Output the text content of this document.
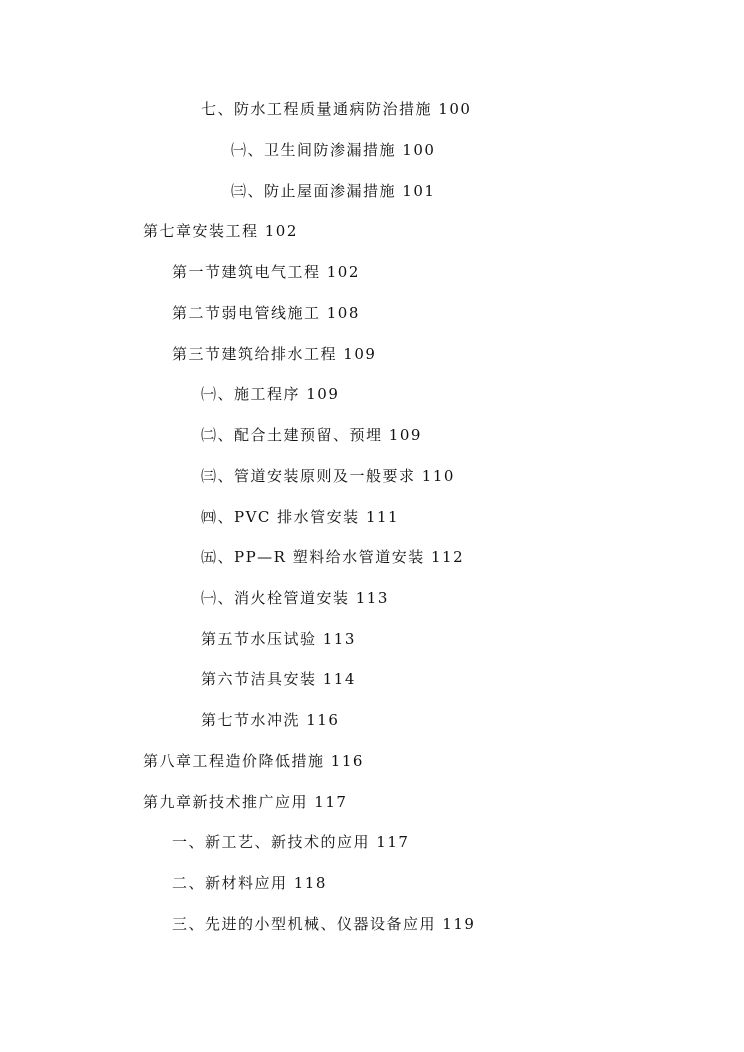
七、防水工程质量通病防治措施 100
㈠、卫生间防渗漏措施 100
㈢、防止屋面渗漏措施 101
第七章安装工程 102
第一节建筑电气工程 102
第二节弱电管线施工 108
第三节建筑给排水工程 109
㈠、施工程序 109
㈡、配合土建预留、预埋 109
㈢、管道安装原则及一般要求 110
㈣、PVC 排水管安装 111
㈤、PP—R 塑料给水管道安装 112
㈠、消火栓管道安装 113
第五节水压试验 113
第六节洁具安装 114
第七节水冲洗 116
第八章工程造价降低措施 116
第九章新技术推广应用 117
一、新工艺、新技术的应用 117
二、新材料应用 118
三、先进的小型机械、仪器设备应用 119
